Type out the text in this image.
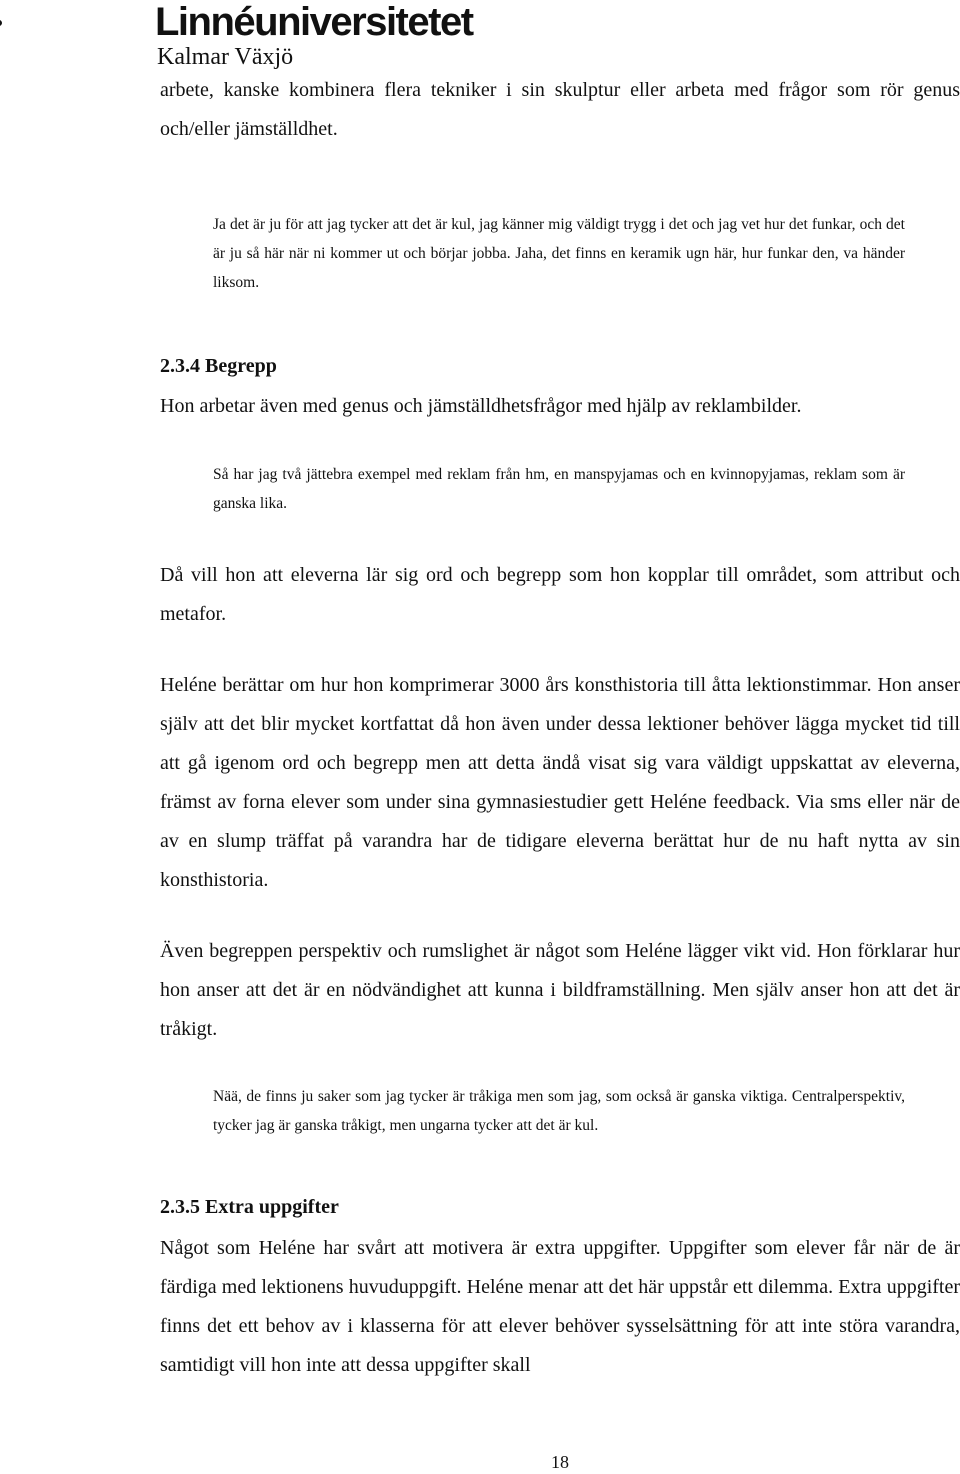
Linnéuniversitetet
Kalmar Växjö

arbete, kanske kombinera flera tekniker i sin skulptur eller arbeta med frågor som rör genus och/eller jämställdhet.

Ja det är ju för att jag tycker att det är kul, jag känner mig väldigt trygg i det och jag vet hur det funkar, och det är ju så här när ni kommer ut och börjar jobba. Jaha, det finns en keramik ugn här, hur funkar den, va händer liksom.

2.3.4 Begrepp

Hon arbetar även med genus och jämställdhetsfrågor med hjälp av reklambilder.

Så har jag två jättebra exempel med reklam från hm, en manspyjamas och en kvinnopyjamas, reklam som är ganska lika.

Då vill hon att eleverna lär sig ord och begrepp som hon kopplar till området, som attribut och metafor.

Heléne berättar om hur hon komprimerar 3000 års konsthistoria till åtta lektionstimmar. Hon anser själv att det blir mycket kortfattat då hon även under dessa lektioner behöver lägga mycket tid till att gå igenom ord och begrepp men att detta ändå visat sig vara väldigt uppskattat av eleverna, främst av forna elever som under sina gymnasiestudier gett Heléne feedback. Via sms eller när de av en slump träffat på varandra har de tidigare eleverna berättat hur de nu haft nytta av sin konsthistoria.

Även begreppen perspektiv och rumslighet är något som Heléne lägger vikt vid. Hon förklarar hur hon anser att det är en nödvändighet att kunna i bildframställning. Men själv anser hon att det är tråkigt.

Nää, de finns ju saker som jag tycker är tråkiga men som jag, som också är ganska viktiga. Centralperspektiv, tycker jag är ganska tråkigt, men ungarna tycker att det är kul.

2.3.5 Extra uppgifter

Något som Heléne har svårt att motivera är extra uppgifter. Uppgifter som elever får när de är färdiga med lektionens huvuduppgift. Heléne menar att det här uppstår ett dilemma. Extra uppgifter finns det ett behov av i klasserna för att elever behöver sysselsättning för att inte störa varandra, samtidigt vill hon inte att dessa uppgifter skall

18
